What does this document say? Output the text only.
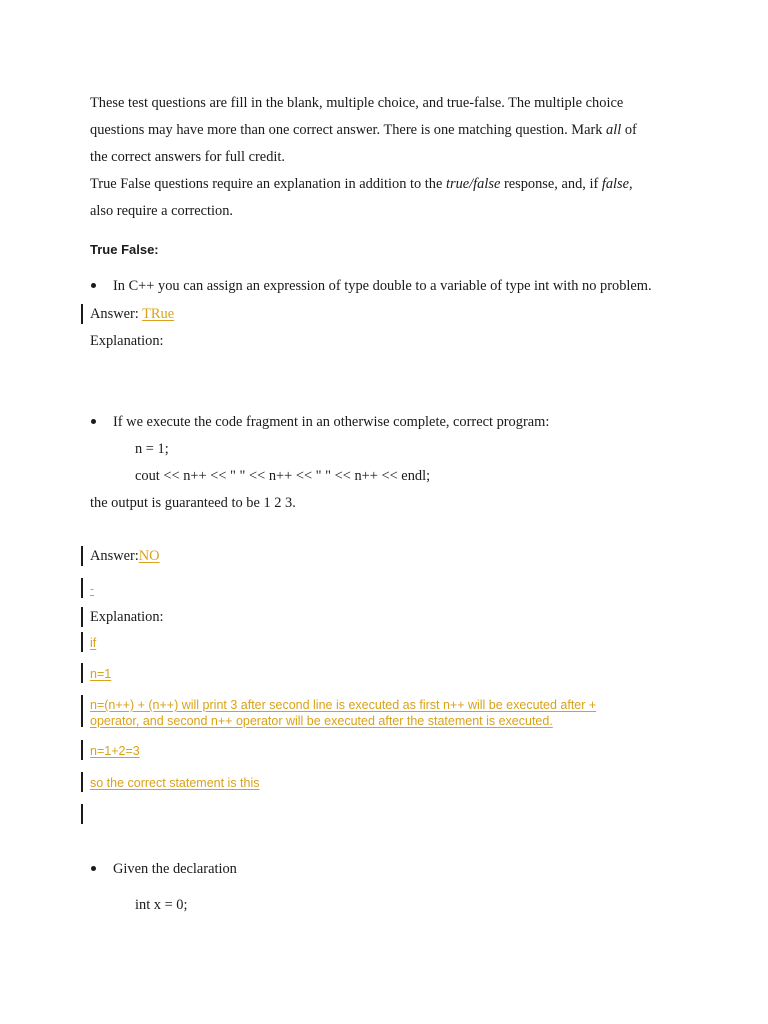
These test questions are fill in the blank, multiple choice, and true-false. The multiple choice
questions may have more than one correct answer. There is one matching question. Mark all of
the correct answers for full credit.
True False questions require an explanation in addition to the true/false response, and, if false,
also require a correction.
True False:
In C++ you can assign an expression of type double to a variable of type int with no problem.
Answer: TRue
Explanation:
If we execute the code fragment in an otherwise complete, correct program:
n = 1;
cout << n++ << " " << n++ << " " << n++ << endl;
the output is guaranteed to be 1 2 3.
Answer:NO
-
Explanation:
if
n=1
n=(n++) + (n++) will print 3 after second line is executed as first n++ will be executed after +
operator, and second n++ operator will be executed after the statement is executed.
n=1+2=3
so the correct statement is this
Given the declaration
int x = 0;
